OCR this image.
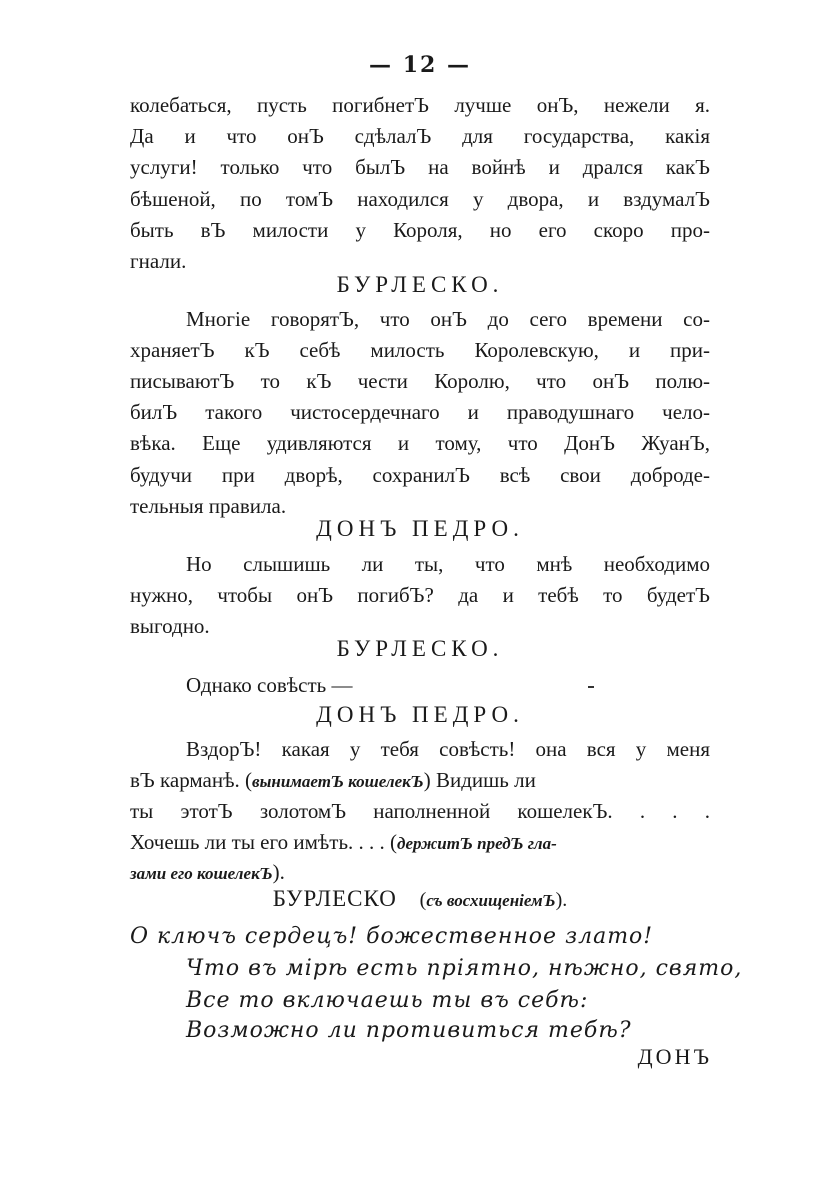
— 12 —
колебаться, пусть погибнетЪ лучше онЪ, нежели я.
Да и что онЪ сдѣлалЪ для государства, какія
услуги! только что былЪ на войнѣ и дрался какЪ
бѣшеной, по томЪ находился у двора, и вздумалЪ
быть вЪ милости у Короля, но его скоро про-
гнали.
БУРЛЕСКО.
Многіе говорятЪ, что онЪ до сего времени со-
храняетЪ кЪ себѣ милость Королевскую, и при-
писываютЪ то кЪ чести Королю, что онЪ полю-
билЪ такого чистосердечнаго и праводушнаго чело-
вѣка. Еще удивляются и тому, что ДонЪ ЖуанЪ,
будучи при дворѣ, сохранилЪ всѣ свои доброде-
тельныя правила.
ДОНЪ ПЕДРО.
Но слышишь ли ты, что мнѣ необходимо
нужно, чтобы онЪ погибЪ? да и тебѣ то будетЪ
выгодно.
БУРЛЕСКО.
Однако совѣсть —
ДОНЪ ПЕДРО.
ВздорЪ! какая у тебя совѣсть! она вся у меня
вЪ карманѣ. (вынимаетЪ кошелекЪ) Видишь ли
ты этотЪ золотомЪ наполненной кошелекЪ. . . .
Хочешь ли ты его имѣть. . . . (держитЪ предЪ гла-
зами его кошелекЪ).
БУРЛЕСКО (съ восхищеніемЪ).
О ключъ сердецъ! божественное злато!
Что въ мірѣ есть пріятно, нѣжно, свято,
Все то включаешь ты въ себѣ:
Возможно ли противиться тебѣ?
ДОНЪ
